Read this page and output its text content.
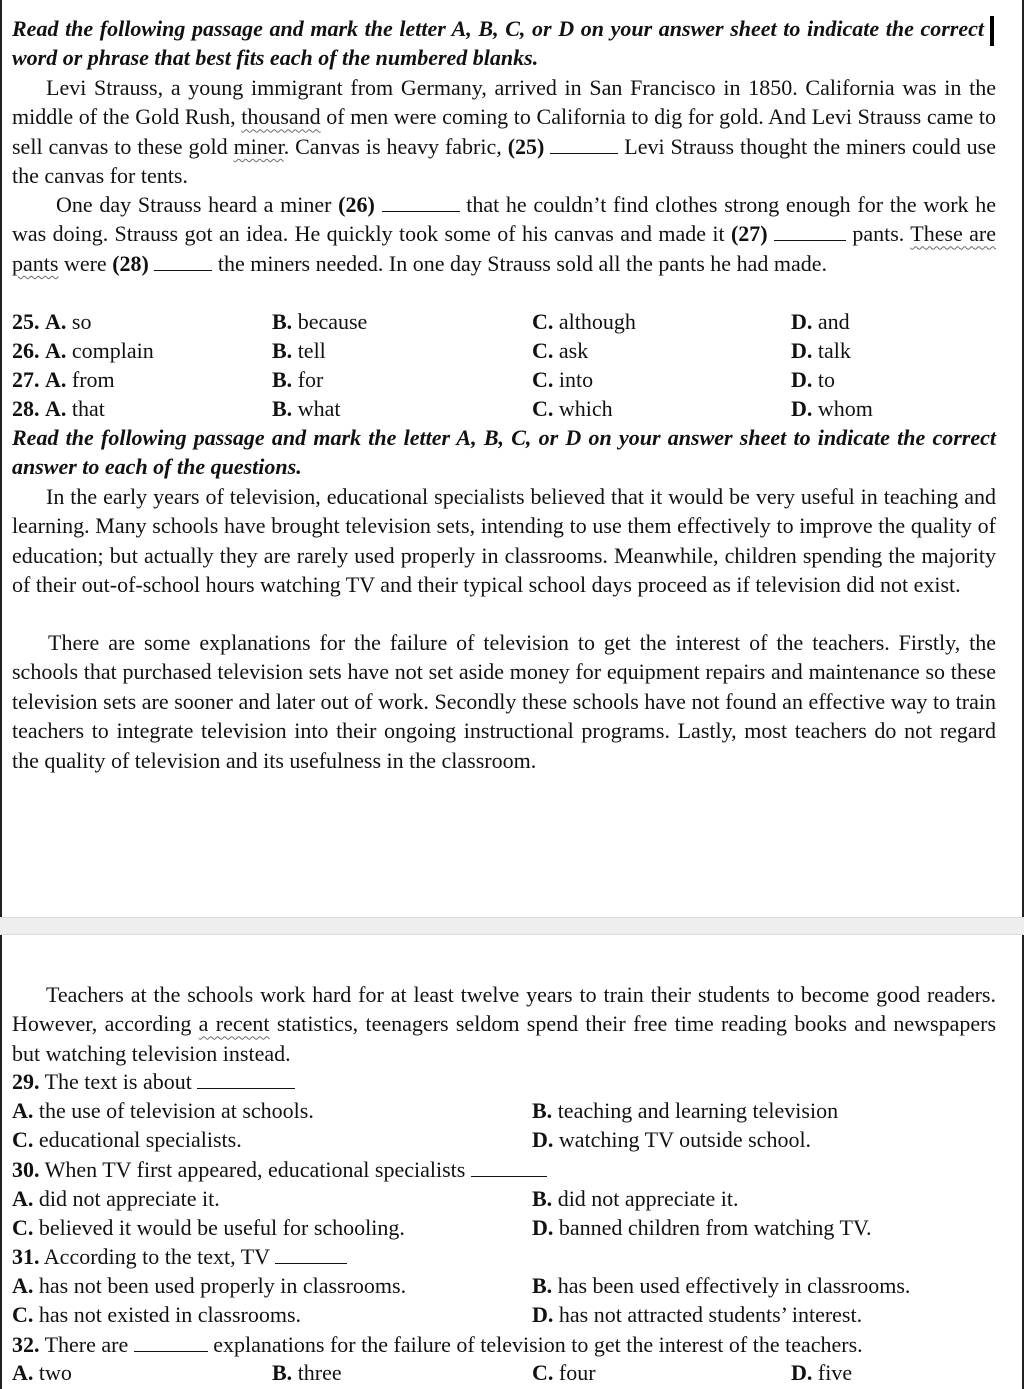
Read the following passage and mark the letter A, B, C, or D on your answer sheet to indicate the correct word or phrase that best fits each of the numbered blanks.
Levi Strauss, a young immigrant from Germany, arrived in San Francisco in 1850. California was in the middle of the Gold Rush, thousand of men were coming to California to dig for gold. And Levi Strauss came to sell canvas to these gold miner. Canvas is heavy fabric, (25)	Levi Strauss thought the miners could use the canvas for tents.
One day Strauss heard a miner (26)	that he couldn’t find clothes strong enough for the work he was doing. Strauss got an idea. He quickly took some of his canvas and made it (27)	pants. These are pants were (28)	the miners needed. In one day Strauss sold all the pants he had made.
25. A. so	B. because	C. although	D. and
26. A. complain	B. tell	C. ask	D. talk
27. A. from	B. for	C. into	D. to
28. A. that	B. what	C. which	D. whom
Read the following passage and mark the letter A, B, C, or D on your answer sheet to indicate the correct answer to each of the questions.
In the early years of television, educational specialists believed that it would be very useful in teaching and learning. Many schools have brought television sets, intending to use them effectively to improve the quality of education; but actually they are rarely used properly in classrooms. Meanwhile, children spending the majority of their out-of-school hours watching TV and their typical school days proceed as if television did not exist.
There are some explanations for the failure of television to get the interest of the teachers. Firstly, the schools that purchased television sets have not set aside money for equipment repairs and maintenance so these television sets are sooner and later out of work. Secondly these schools have not found an effective way to train teachers to integrate television into their ongoing instructional programs. Lastly, most teachers do not regard the quality of television and its usefulness in the classroom.
Teachers at the schools work hard for at least twelve years to train their students to become good readers. However, according a recent statistics, teenagers seldom spend their free time reading books and newspapers but watching television instead.
29. The text is about
A. the use of television at schools.	B. teaching and learning television
C. educational specialists.	D. watching TV outside school.
30. When TV first appeared, educational specialists
A. did not appreciate it.	B. did not appreciate it.
C. believed it would be useful for schooling.	D. banned children from watching TV.
31. According to the text, TV
A. has not been used properly in classrooms.	B. has been used effectively in classrooms.
C. has not existed in classrooms.	D. has not attracted students’ interest.
32. There are	explanations for the failure of television to get the interest of the teachers.
A. two	B. three	C. four	D. five
